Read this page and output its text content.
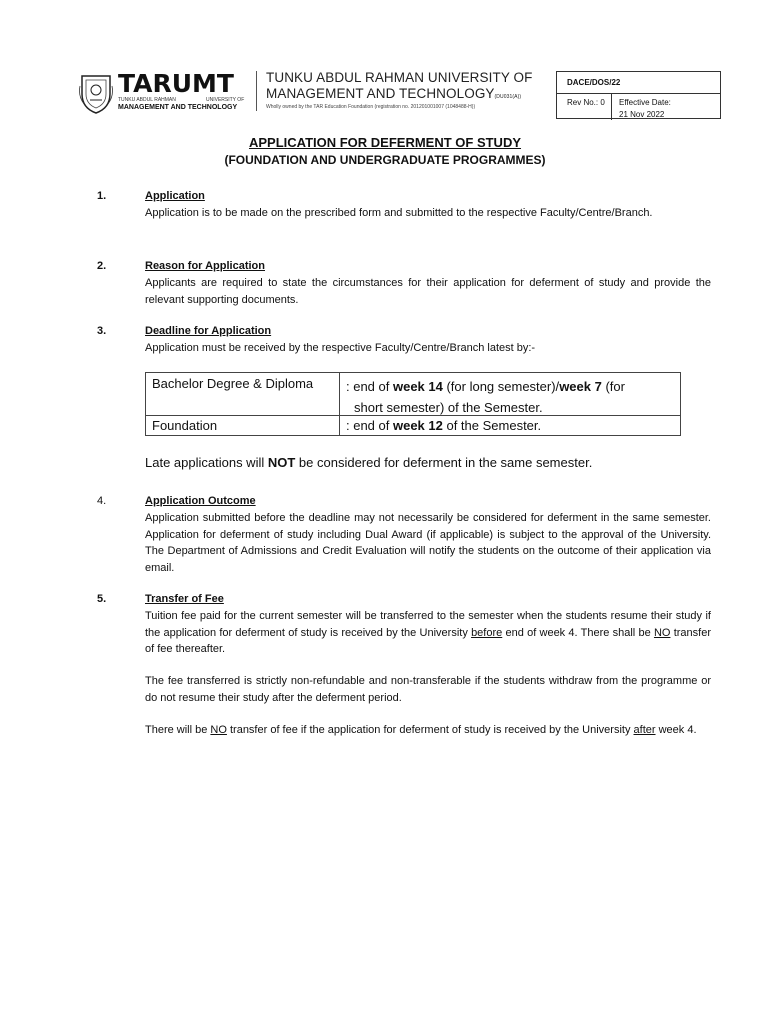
TARUMT
TUNKU ABDUL RAHMAN	UNIVERSITY OF
MANAGEMENT AND TECHNOLOGY
TUNKU ABDUL RAHMAN UNIVERSITY OF
MANAGEMENT AND TECHNOLOGY(DU031(A))
Wholly owned by the TAR Education Foundation (registration no. 201201001007 (1048488-H))
DACE/DOS/22
Rev No.: 0 Effective Date:
21 Nov 2022
APPLICATION FOR DEFERMENT OF STUDY
(FOUNDATION AND UNDERGRADUATE PROGRAMMES)
1.	Application
Application is to be made on the prescribed form and submitted to the respective Faculty/Centre/Branch.
2.	Reason for Application
Applicants are required to state the circumstances for their application for deferment of study and provide the relevant supporting documents.
3.	Deadline for Application
Application must be received by the respective Faculty/Centre/Branch latest by:-
Bachelor Degree & Diploma	: end of week 14 (for long semester)/week 7 (for
short semester) of the Semester.
Foundation	: end of week 12 of the Semester.
Late applications will NOT be considered for deferment in the same semester.
4.	Application Outcome
Application submitted before the deadline may not necessarily be considered for deferment in the same semester. Application for deferment of study including Dual Award (if applicable) is subject to the approval of the University. The Department of Admissions and Credit Evaluation will notify the students on the outcome of their application via email.
5.	Transfer of Fee
Tuition fee paid for the current semester will be transferred to the semester when the students resume their study if the application for deferment of study is received by the University before end of week 4. There shall be NO transfer of fee thereafter.
The fee transferred is strictly non-refundable and non-transferable if the students withdraw from the programme or do not resume their study after the deferment period.
There will be NO transfer of fee if the application for deferment of study is received by the University after week 4.
